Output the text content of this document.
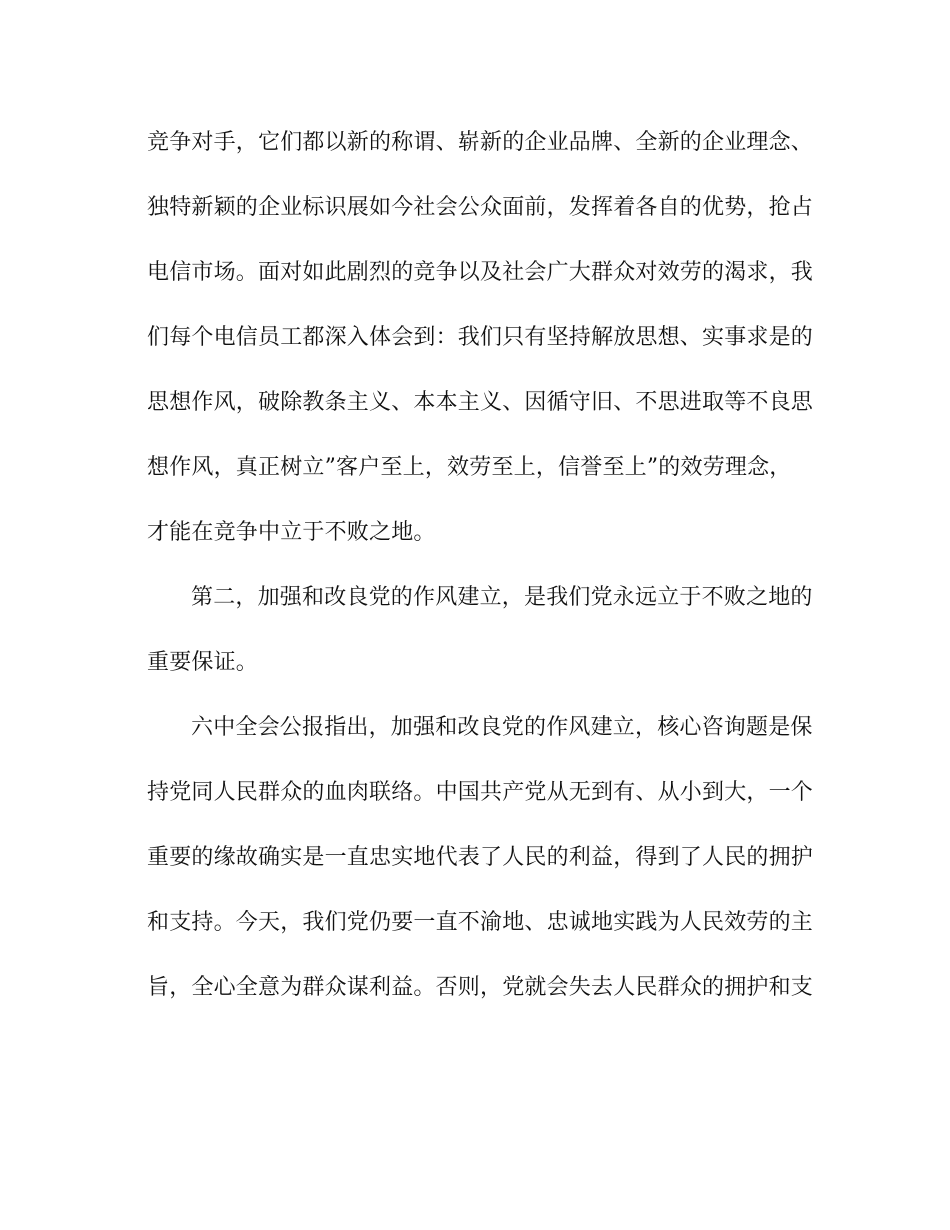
竞争对手，它们都以新的称谓、崭新的企业品牌、全新的企业理念、
独特新颖的企业标识展如今社会公众面前，发挥着各自的优势，抢占
电信市场。面对如此剧烈的竞争以及社会广大群众对效劳的渴求，我
们每个电信员工都深入体会到：我们只有坚持解放思想、实事求是的
思想作风，破除教条主义、本本主义、因循守旧、不思进取等不良思
想作风，真正树立”客户至上，效劳至上，信誉至上”的效劳理念，
才能在竞争中立于不败之地。
第二，加强和改良党的作风建立，是我们党永远立于不败之地的
重要保证。
六中全会公报指出，加强和改良党的作风建立，核心咨询题是保
持党同人民群众的血肉联络。中国共产党从无到有、从小到大，一个
重要的缘故确实是一直忠实地代表了人民的利益，得到了人民的拥护
和支持。今天，我们党仍要一直不渝地、忠诚地实践为人民效劳的主
旨，全心全意为群众谋利益。否则，党就会失去人民群众的拥护和支
